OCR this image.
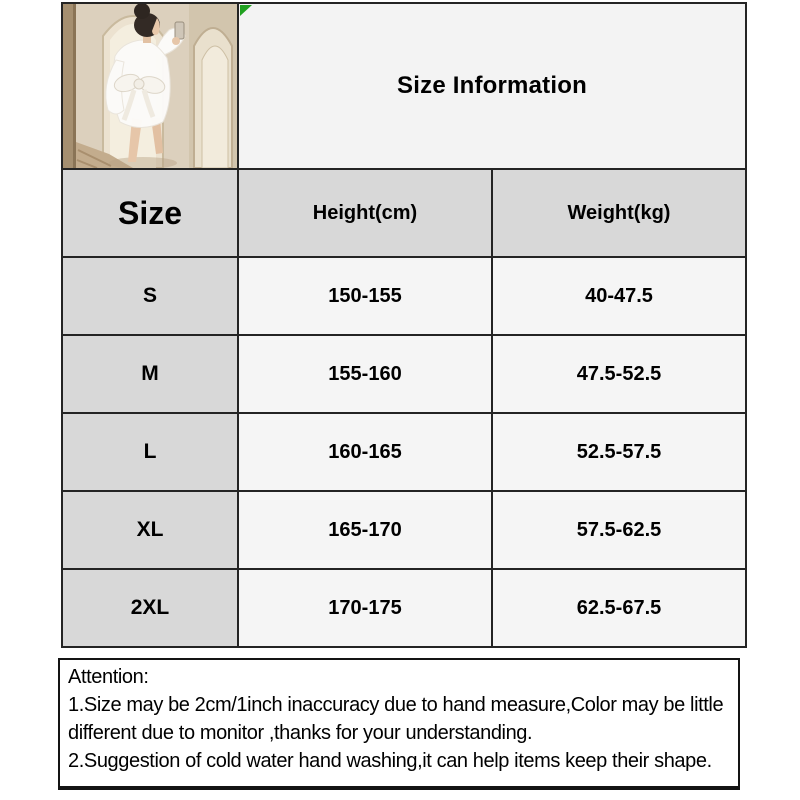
Size Information	
Size	Height(cm)	Weight(kg)
S	150-155	40-47.5
M	155-160	47.5-52.5
L	160-165	52.5-57.5
XL	165-170	57.5-62.5
2XL	170-175	62.5-67.5
Attention:
1.Size may be 2cm/1inch inaccuracy due to hand measure,Color may be little
different due to monitor ,thanks for your understanding.
2.Suggestion of cold water hand washing,it can help items keep their shape.
